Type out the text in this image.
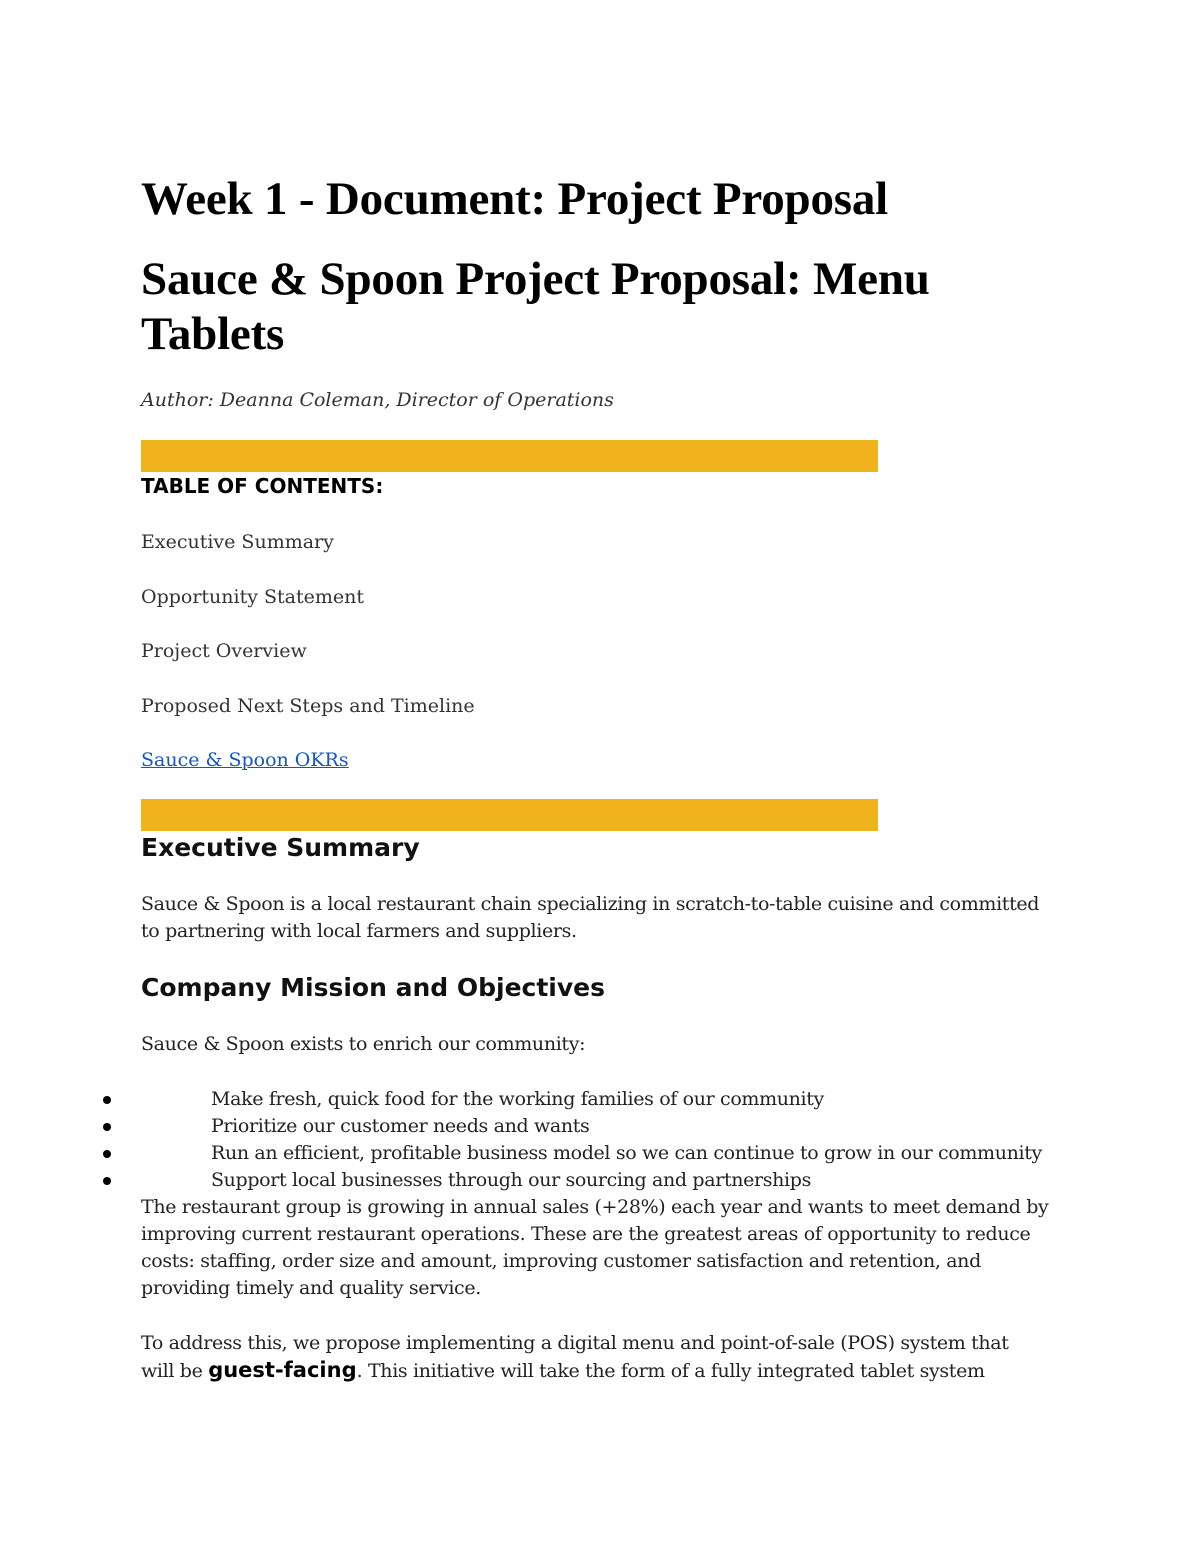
Week 1 - Document: Project Proposal
Sauce & Spoon Project Proposal: Menu
Tablets
Author: Deanna Coleman, Director of Operations
TABLE OF CONTENTS:
Executive Summary
Opportunity Statement
Project Overview
Proposed Next Steps and Timeline
Sauce & Spoon OKRs
Executive Summary
Sauce & Spoon is a local restaurant chain specializing in scratch-to-table cuisine and committed
to partnering with local farmers and suppliers.
Company Mission and Objectives
Sauce & Spoon exists to enrich our community:
Make fresh, quick food for the working families of our community
Prioritize our customer needs and wants
Run an efficient, profitable business model so we can continue to grow in our community
Support local businesses through our sourcing and partnerships
The restaurant group is growing in annual sales (+28%) each year and wants to meet demand by
improving current restaurant operations. These are the greatest areas of opportunity to reduce
costs: staffing, order size and amount, improving customer satisfaction and retention, and
providing timely and quality service.
To address this, we propose implementing a digital menu and point-of-sale (POS) system that
will be guest-facing. This initiative will take the form of a fully integrated tablet system
